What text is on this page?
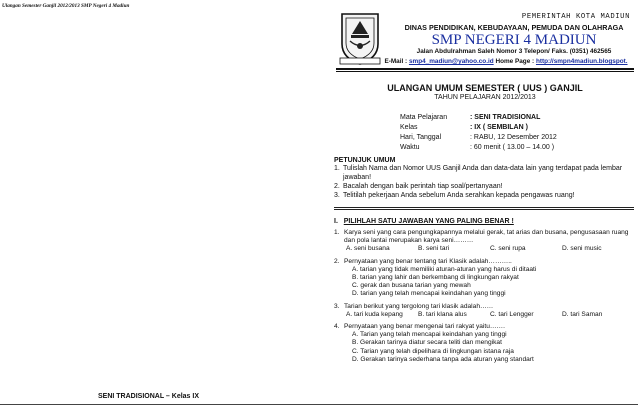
Ulangan Semester Ganjil 2012/2013 SMP Negeri 4 Madiun
PEMERINTAH KOTA MADIUN
DINAS PENDIDIKAN, KEBUDAYAAN, PEMUDA DAN OLAHRAGA
SMP NEGERI 4 MADIUN
Jalan Abdulrahman Saleh Nomor 3 Telepon/ Faks. (0351) 462565
E-Mail : smp4_madiun@yahoo.co.id Home Page : http://smpn4madiun.blogspot.
ULANGAN UMUM SEMESTER ( UUS ) GANJIL
TAHUN PELAJARAN 2012/2013
Mata Pelajaran	: SENI TRADISIONAL
Kelas	: IX ( SEMBILAN )
Hari, Tanggal	: RABU, 12 Desember 2012
Waktu	: 60 menit ( 13.00 – 14.00 )
PETUNJUK UMUM
1. Tulislah Nama dan Nomor UUS Ganjil Anda dan data-data lain yang terdapat pada lembar jawaban!
2. Bacalah dengan baik perintah tiap soal/pertanyaan!
3. Telitilah pekerjaan Anda sebelum Anda serahkan kepada pengawas ruang!
I. PILIHLAH SATU JAWABAN YANG PALING BENAR !
1. Karya seni yang cara pengungkapannya melalui gerak, tat arias dan busana, pengusasaan ruang dan pola lantai merupakan karya seni………
A. seni busana	B. seni tari	C. seni rupa	D. seni music
2. Pernyataan yang benar tentang tari Klasik adalah………..
A. tarian yang tidak memiliki aturan-aturan yang harus di ditaati
B. tarian yang lahir dan berkembang di lingkungan rakyat
C. gerak dan busana tarian yang mewah
D. tarian yang telah mencapai keindahan yang tinggi
3. Tarian berikut yang tergolong tari klasik adalah……
A. tari kuda kepang	B. tari klana alus	C. tari Lengger	D. tari Saman
4. Pernyataan yang benar mengenai tari rakyat yaitu…….
A. Tarian yang telah mencapai keindahan yang tinggi
B. Gerakan tarinya diatur secara teliti dan mengikat
C. Tarian yang telah dipelihara di lingkungan istana raja
D. Gerakan tarinya sederhana tanpa ada aturan yang standart
SENI TRADISIONAL – Kelas IX
